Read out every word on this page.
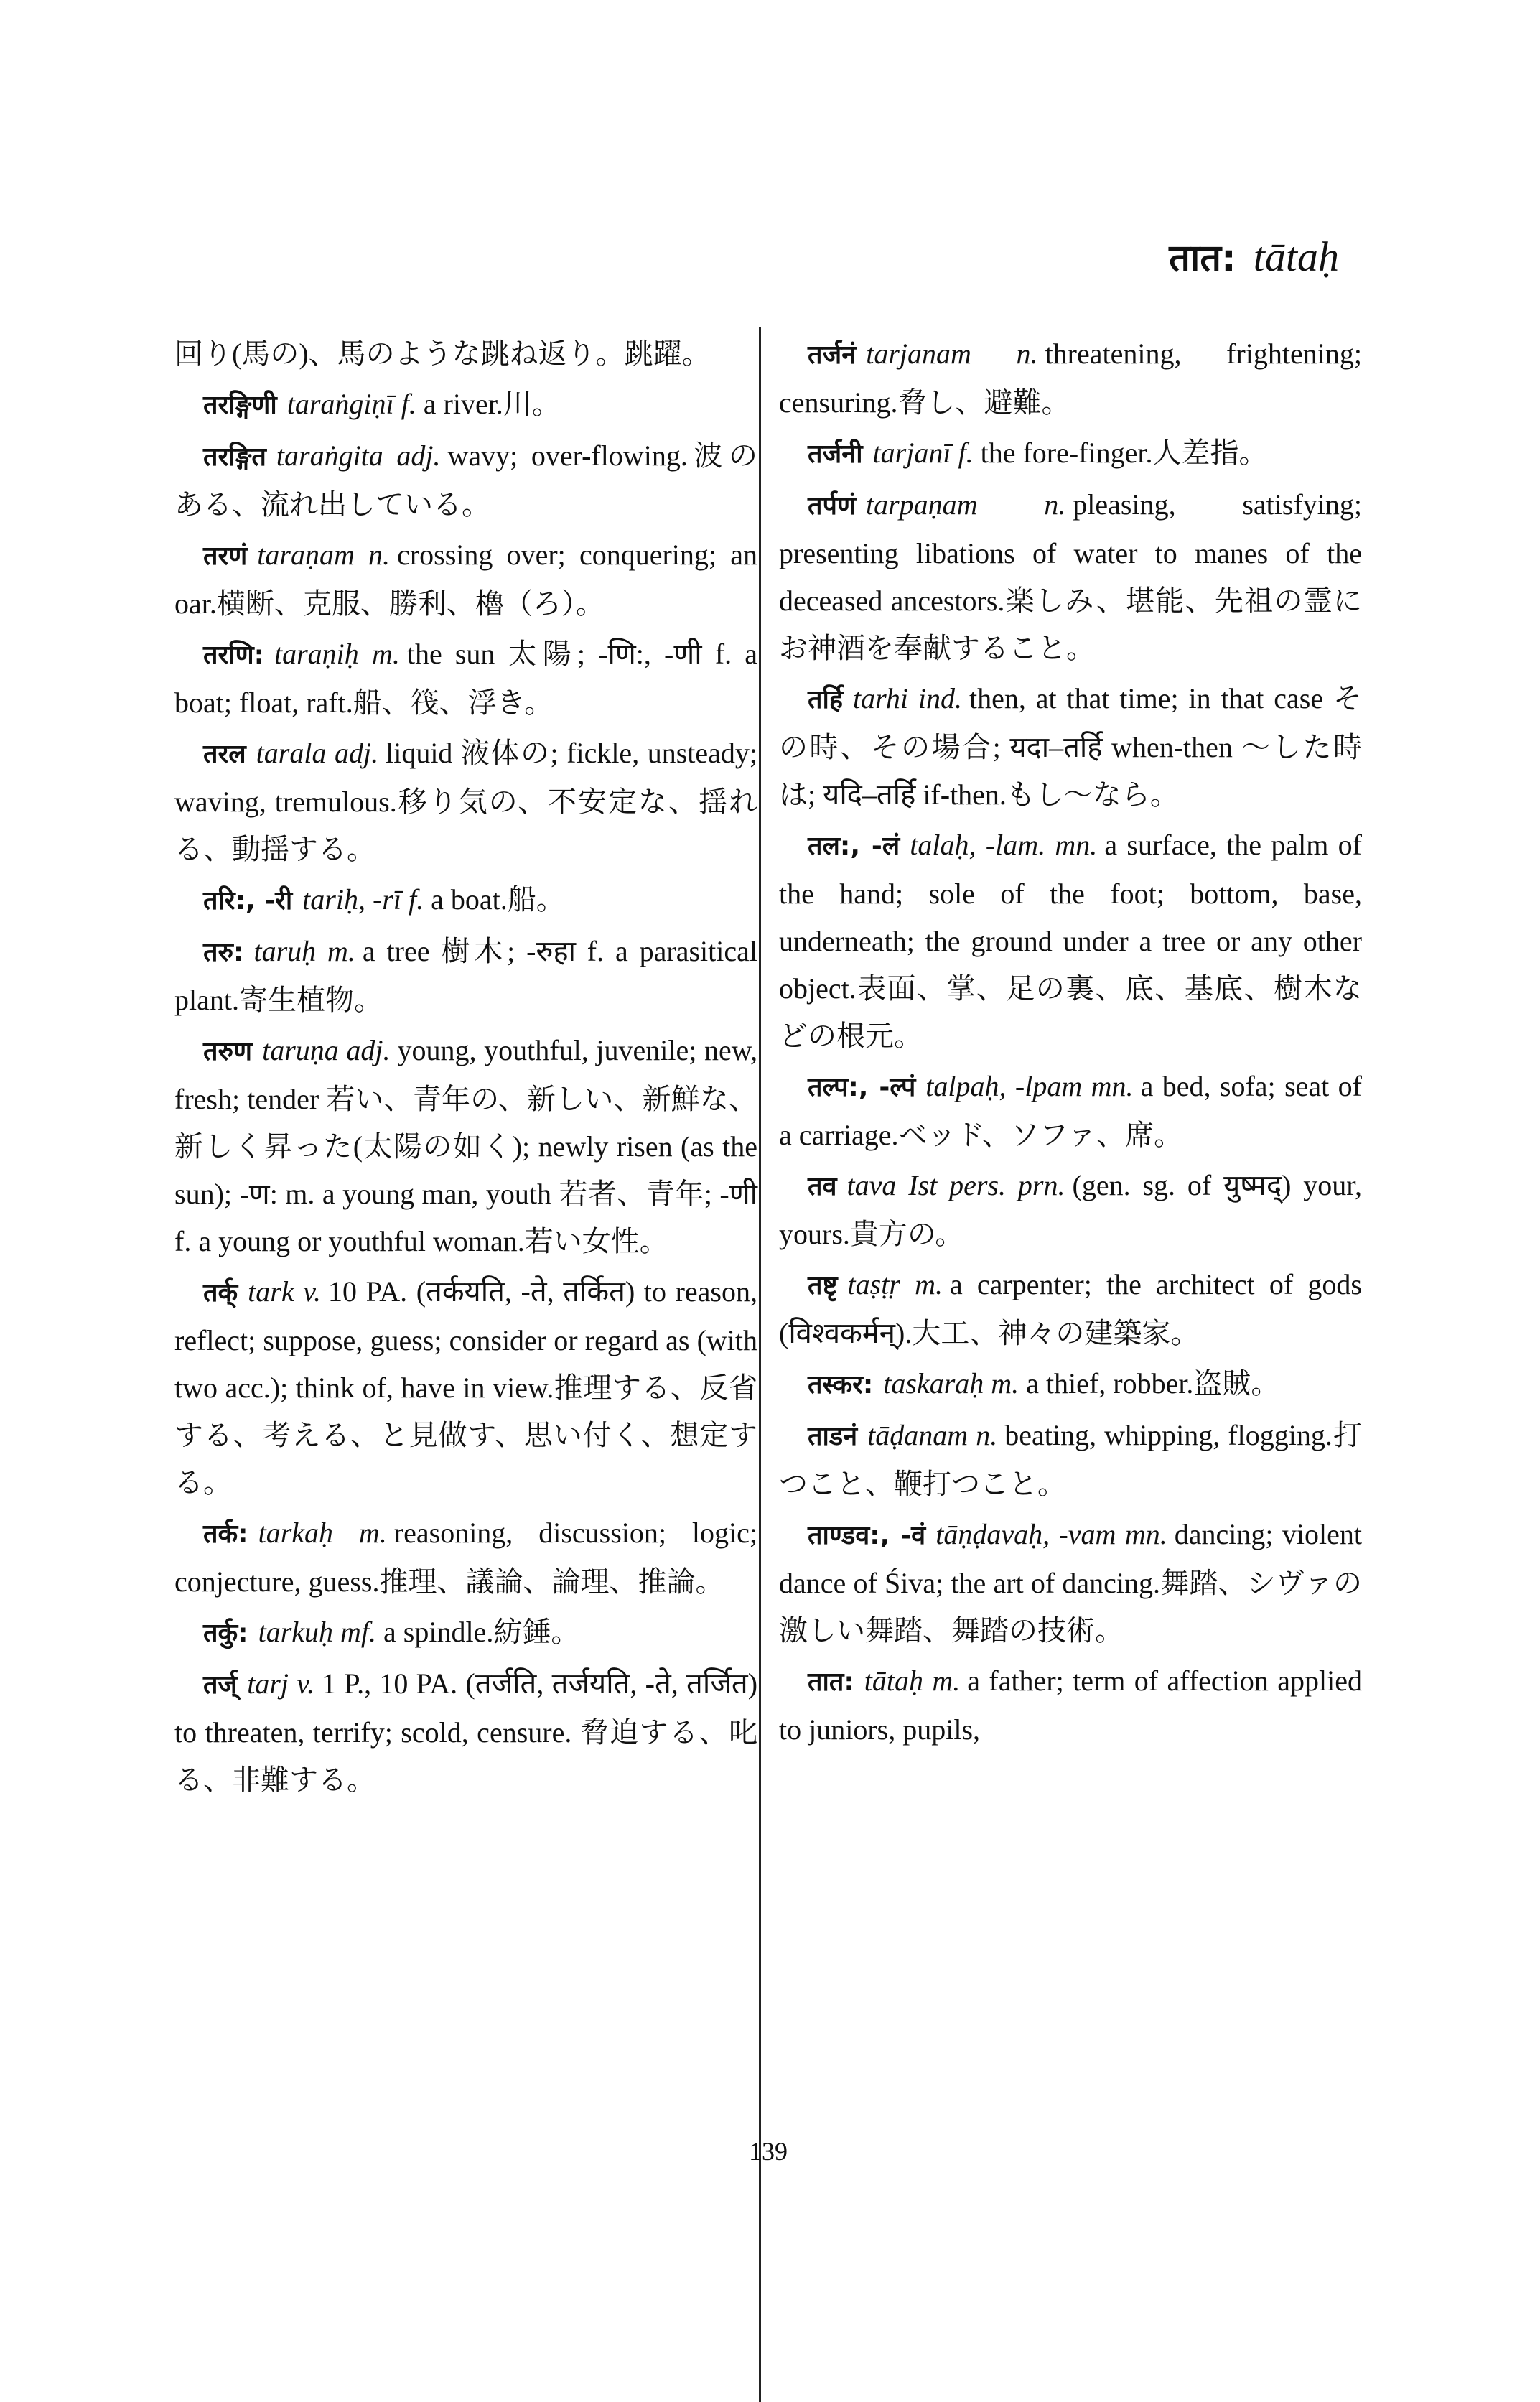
तात: tātaḥ

回り(馬の)、馬のような跳ね返り。跳躍。

तरङ्गिणी taraṅgiṇī f. a river.川。

तरङ्गित taraṅgita adj. wavy; over-flowing.波のある、流れ出している。

तरणं taraṇam n. crossing over; conquering; an oar.横断、克服、勝利、櫓（ろ）。

तरणि: taraṇiḥ m. the sun 太陽; -णि:, -णी f. a boat; float, raft.船、筏、浮き。

तरल tarala adj. liquid 液体の; fickle, unsteady; waving, tremulous.移り気の、不安定な、揺れる、動揺する。

तरि:, -री tariḥ, -rī f. a boat.船。

तरु: taruḥ m. a tree 樹木; -रुहा f. a parasitical plant.寄生植物。

तरुण taruṇa adj. young, youthful, juvenile; new, fresh; tender 若い、青年の、新しい、新鮮な、新しく昇った(太陽の如く); newly risen (as the sun); -ण: m. a young man, youth 若者、青年; -णी f. a young or youthful woman.若い女性。

तर्क् tark v. 10 PA. (तर्कयति, -ते, तर्कित) to reason, reflect; suppose, guess; consider or regard as (with two acc.); think of, have in view.推理する、反省する、考える、と見做す、思い付く、想定する。

तर्क: tarkaḥ m. reasoning, discussion; logic; conjecture, guess.推理、議論、論理、推論。

तर्कु: tarkuḥ mf. a spindle.紡錘。

तर्ज् tarj v. 1 P., 10 PA. (तर्जति, तर्जयति, -ते, तर्जित) to threaten, terrify; scold, censure. 脅迫する、叱る、非難する。

तर्जनं tarjanam n. threatening, frightening; censuring.脅し、避難。

तर्जनी tarjanī f. the fore-finger.人差指。

तर्पणं tarpaṇam n. pleasing, satisfying; presenting libations of water to manes of the deceased ancestors.楽しみ、堪能、先祖の霊にお神酒を奉献すること。

तर्हि tarhi ind. then, at that time; in that case その時、その場合; यदा–तर्हि when-then 〜した時は; यदि–तर्हि if-then.もし〜なら。

तल:, -लं talaḥ, -lam. mn. a surface, the palm of the hand; sole of the foot; bottom, base, underneath; the ground under a tree or any other object.表面、掌、足の裏、底、基底、樹木などの根元。

तल्प:, -ल्पं talpaḥ, -lpam mn. a bed, sofa; seat of a carriage.ベッド、ソファ、席。

तव tava Ist pers. prn. (gen. sg. of युष्मद्) your, yours.貴方の。

तष्टृ taṣṭṛ m. a carpenter; the architect of gods (विश्वकर्मन्).大工、神々の建築家。

तस्कर: taskaraḥ m. a thief, robber.盗賊。

ताडनं tāḍanam n. beating, whipping, flogging.打つこと、鞭打つこと。

ताण्डव:, -वं tāṇḍavaḥ, -vam mn. dancing; violent dance of Śiva; the art of dancing.舞踏、シヴァの激しい舞踏、舞踏の技術。

तात: tātaḥ m. a father; term of affection applied to juniors, pupils,

139
